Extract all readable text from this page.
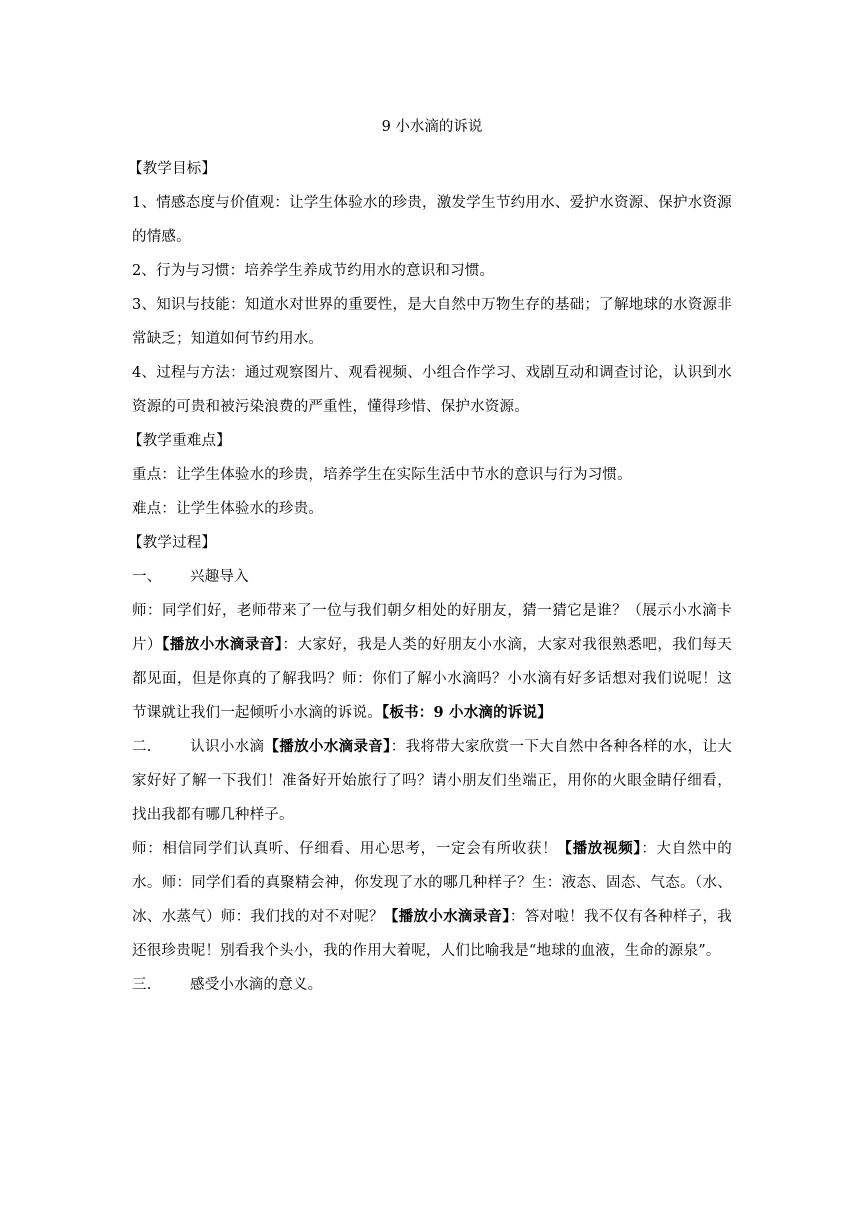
9 小水滴的诉说

【教学目标】

1、情感态度与价值观：让学生体验水的珍贵，激发学生节约用水、爱护水资源、保护水资源的情感。

2、行为与习惯：培养学生养成节约用水的意识和习惯。

3、知识与技能：知道水对世界的重要性，是大自然中万物生存的基础；了解地球的水资源非常缺乏；知道如何节约用水。

4、过程与方法：通过观察图片、观看视频、小组合作学习、戏剧互动和调查讨论，认识到水资源的可贵和被污染浪费的严重性，懂得珍惜、保护水资源。

【教学重难点】

重点：让学生体验水的珍贵，培养学生在实际生活中节水的意识与行为习惯。

难点：让学生体验水的珍贵。

【教学过程】

一、 兴趣导入

师：同学们好，老师带来了一位与我们朝夕相处的好朋友，猜一猜它是谁？（展示小水滴卡片）【播放小水滴录音】：大家好，我是人类的好朋友小水滴，大家对我很熟悉吧，我们每天都见面，但是你真的了解我吗？师：你们了解小水滴吗？小水滴有好多话想对我们说呢！这节课就让我们一起倾听小水滴的诉说。【板书：9 小水滴的诉说】

二.	认识小水滴【播放小水滴录音】：我将带大家欣赏一下大自然中各种各样的水，让大家好好了解一下我们！准备好开始旅行了吗？请小朋友们坐端正，用你的火眼金睛仔细看，找出我都有哪几种样子。

师：相信同学们认真听、仔细看、用心思考，一定会有所收获！【播放视频】：大自然中的水。师：同学们看的真聚精会神，你发现了水的哪几种样子？生：液态、固态、气态。（水、冰、水蒸气）师：我们找的对不对呢？【播放小水滴录音】：答对啦！我不仅有各种样子，我还很珍贵呢！别看我个头小，我的作用大着呢，人们比喻我是“地球的血液，生命的源泉”。

三.	感受小水滴的意义。
